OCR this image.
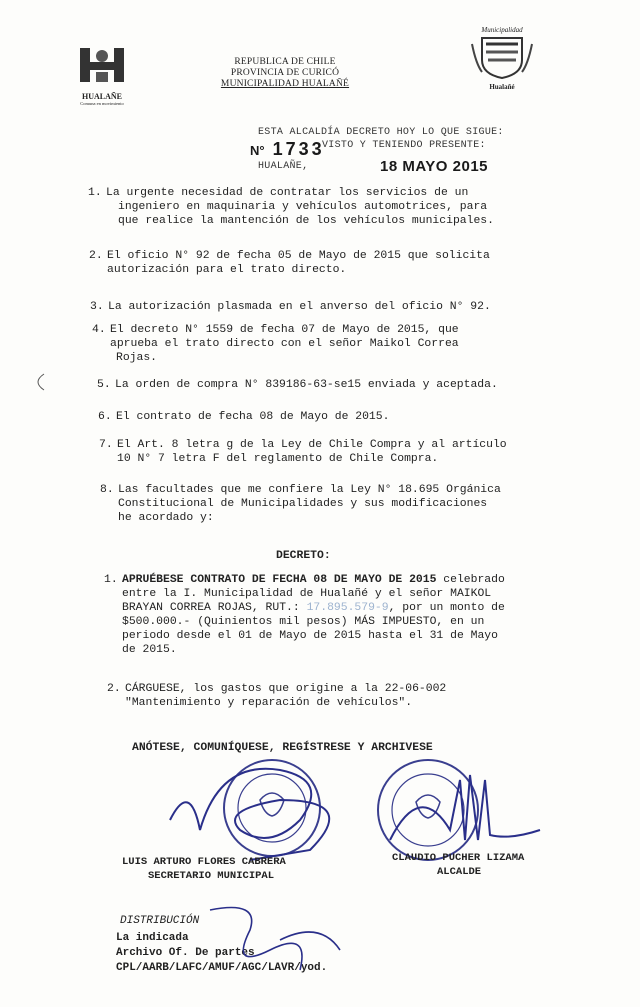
HUALAÑE
Comuna en movimiento
REPUBLICA DE CHILE
PROVINCIA DE CURICÓ
MUNICIPALIDAD HUALAÑÉ
Municipalidad
Hualañé
ESTA ALCALDÍA DECRETO HOY LO QUE SIGUE:
VISTO Y TENIENDO PRESENTE:
HUALAÑE,
N° 1733
18 MAYO 2015
1. La urgente necesidad de contratar los servicios de un
ingeniero en maquinaria y vehículos automotrices, para
que realice la mantención de los vehículos municipales.
2. El oficio N° 92 de fecha 05 de Mayo de 2015 que solicita
autorización para el trato directo.
3. La autorización plasmada en el anverso del oficio N° 92.
4. El decreto N° 1559 de fecha 07 de Mayo de 2015, que
aprueba el trato directo con el señor Maikol Correa
Rojas.
5. La orden de compra N° 839186-63-se15 enviada y aceptada.
6. El contrato de fecha 08 de Mayo de 2015.
7. El Art. 8 letra g de la Ley de Chile Compra y al artículo
10 N° 7 letra F del reglamento de Chile Compra.
8. Las facultades que me confiere la Ley N° 18.695 Orgánica
Constitucional de Municipalidades y sus modificaciones
he acordado y:
DECRETO:
1. APRUÉBESE CONTRATO DE FECHA 08 DE MAYO DE 2015 celebrado
entre la I. Municipalidad de Hualañé y el señor MAIKOL
BRAYAN CORREA ROJAS, RUT.: 17.895.579-9, por un monto de
$500.000.- (Quinientos mil pesos) MÁS IMPUESTO, en un
periodo desde el 01 de Mayo de 2015 hasta el 31 de Mayo
de 2015.
2. CÁRGUESE, los gastos que origine a la 22-06-002
"Mantenimiento y reparación de vehículos".
ANÓTESE, COMUNÍQUESE, REGÍSTRESE Y ARCHIVESE
LUIS ARTURO FLORES CABRERA
SECRETARIO MUNICIPAL
CLAUDIO PUCHER LIZAMA
ALCALDE
DISTRIBUCIÓN
La indicada
Archivo Of. De partes
CPL/AARB/LAFC/AMUF/AGC/LAVR/yod.
